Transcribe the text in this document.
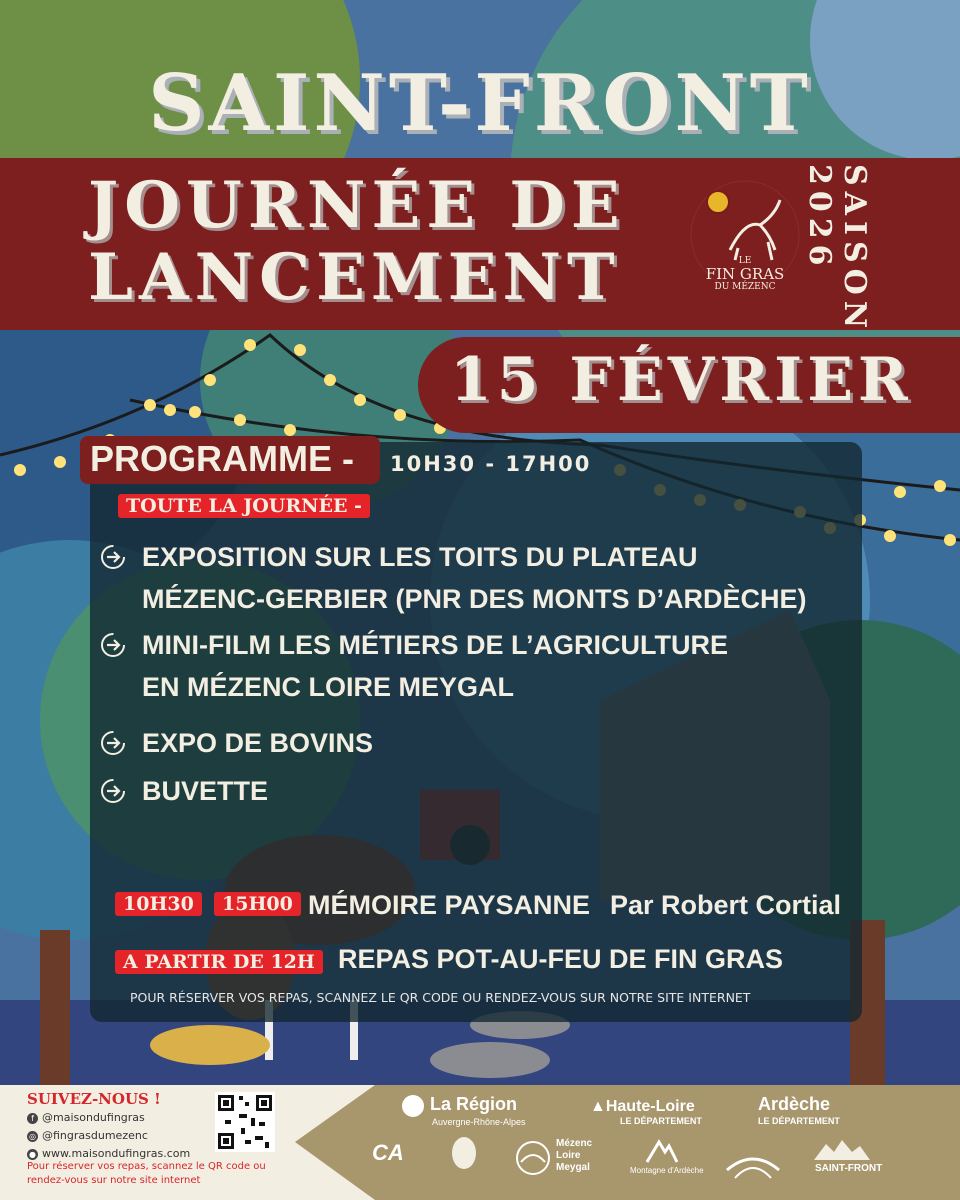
SAINT-FRONT
JOURNÉE DE
LANCEMENT	LE
FIN GRAS
DU MÉZENC	SAISON
2026
15 FÉVRIER
PROGRAMME - 10H30 - 17H00
TOUTE LA JOURNÉE -
EXPOSITION SUR LES TOITS DU PLATEAU
MÉZENC-GERBIER (PNR DES MONTS D’ARDÈCHE)
MINI-FILM LES MÉTIERS DE L’AGRICULTURE
EN MÉZENC LOIRE MEYGAL
EXPO DE BOVINS
BUVETTE
10H30	15H00 MÉMOIRE PAYSANNE Par Robert Cortial
A PARTIR DE 12H REPAS POT-AU-FEU DE FIN GRAS
POUR RÉSERVER VOS REPAS, SCANNEZ LE QR CODE OU RENDEZ-VOUS SUR NOTRE SITE INTERNET
SUIVEZ-NOUS !
f @maisondufingras
◎ @fingrasdumezenc
● www.maisondufingras.com
Pour réserver vos repas, scannez le QR code ou rendez-vous sur notre site internet
La Région
Auvergne-Rhône-Alpes
▲Haute-Loire
LE DÉPARTEMENT
Ardèche
LE DÉPARTEMENT
CA	Mézenc
Loire
Meygal	Montagne d'Ardèche	SAINT-FRONT
